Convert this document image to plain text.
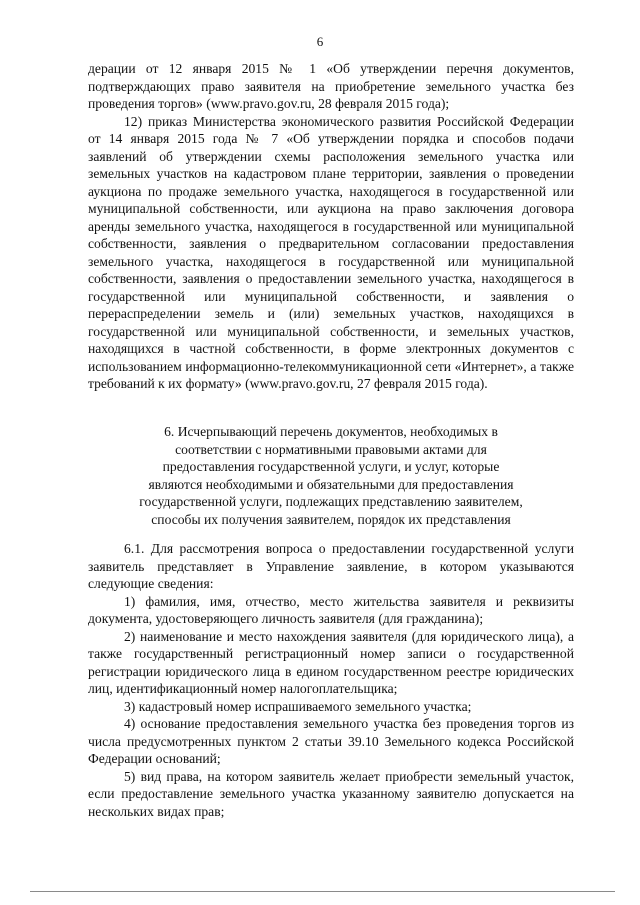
6

дерации от 12 января 2015 № 1 «Об утверждении перечня документов, подтверждающих право заявителя на приобретение земельного участка без проведения торгов» (www.pravo.gov.ru, 28 февраля 2015 года);

12) приказ Министерства экономического развития Российской Федерации от 14 января 2015 года № 7 «Об утверждении порядка и способов подачи заявлений об утверждении схемы расположения земельного участка или земельных участков на кадастровом плане территории, заявления о проведении аукциона по продаже земельного участка, находящегося в государственной или муниципальной собственности, или аукциона на право заключения договора аренды земельного участка, находящегося в государственной или муниципальной собственности, заявления о предварительном согласовании предоставления земельного участка, находящегося в государственной или муниципальной собственности, заявления о предоставлении земельного участка, находящегося в государственной или муниципальной собственности, и заявления о перераспределении земель и (или) земельных участков, находящихся в государственной или муниципальной собственности, и земельных участков, находящихся в частной собственности, в форме электронных документов с использованием информационно-телекоммуникационной сети «Интернет», а также требований к их формату» (www.pravo.gov.ru, 27 февраля 2015 года).

6. Исчерпывающий перечень документов, необходимых в
соответствии с нормативными правовыми актами для
предоставления государственной услуги, и услуг, которые
являются необходимыми и обязательными для предоставления
государственной услуги, подлежащих представлению заявителем,
способы их получения заявителем, порядок их представления

6.1. Для рассмотрения вопроса о предоставлении государственной услуги заявитель представляет в Управление заявление, в котором указываются следующие сведения:

1) фамилия, имя, отчество, место жительства заявителя и реквизиты документа, удостоверяющего личность заявителя (для гражданина);

2) наименование и место нахождения заявителя (для юридического лица), а также государственный регистрационный номер записи о государственной регистрации юридического лица в едином государственном реестре юридических лиц, идентификационный номер налогоплательщика;

3) кадастровый номер испрашиваемого земельного участка;

4) основание предоставления земельного участка без проведения торгов из числа предусмотренных пунктом 2 статьи 39.10 Земельного кодекса Российской Федерации оснований;

5) вид права, на котором заявитель желает приобрести земельный участок, если предоставление земельного участка указанному заявителю допускается на нескольких видах прав;
